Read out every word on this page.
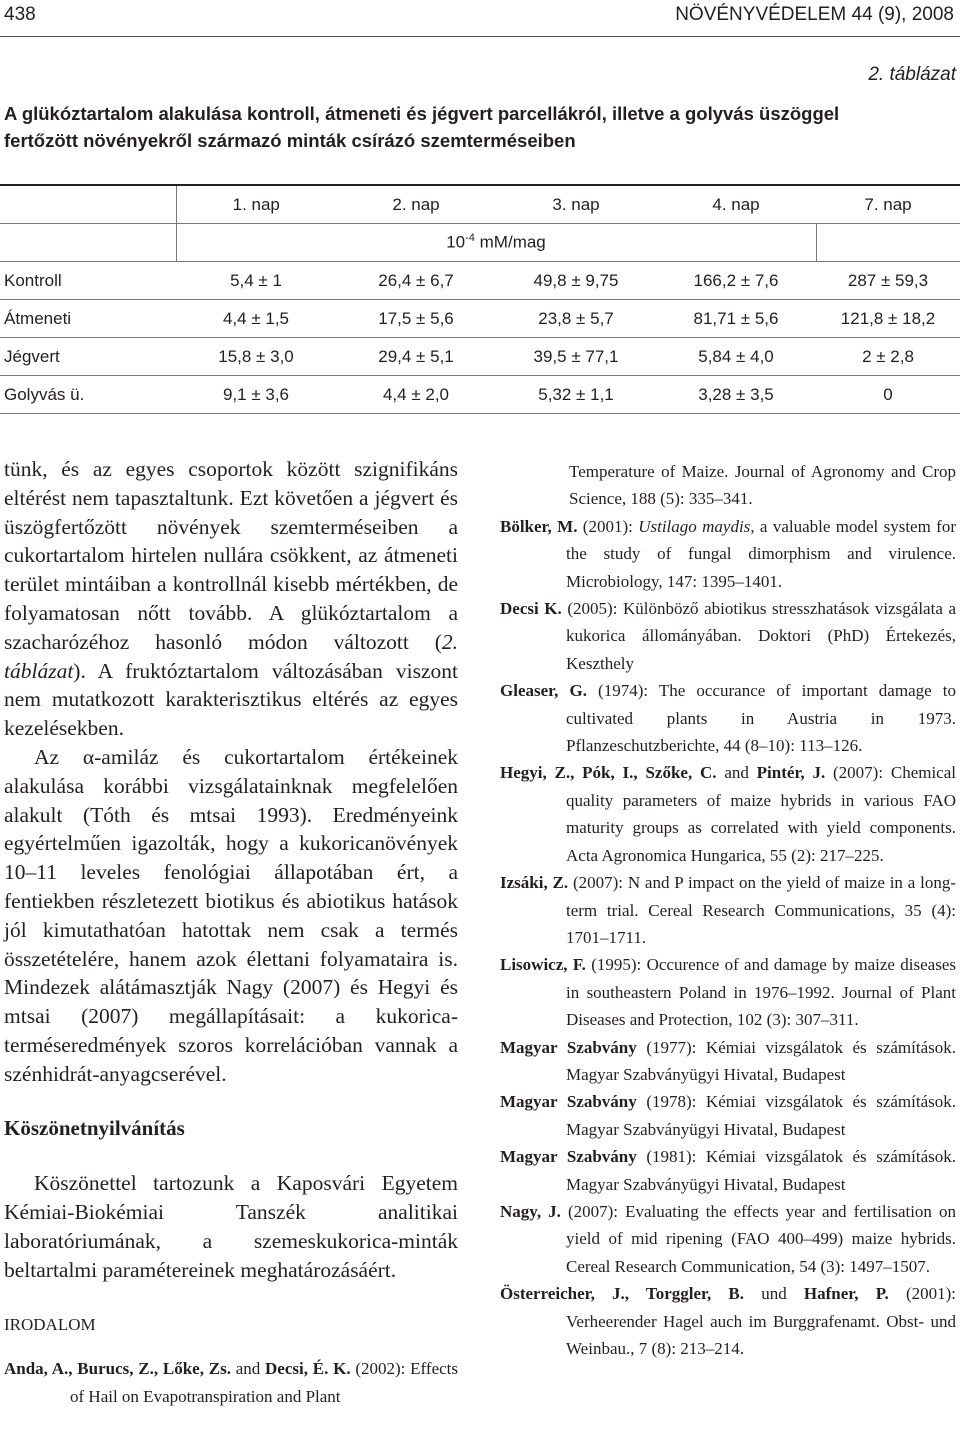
438	NÖVÉNYVÉDELEM 44 (9), 2008
2. táblázat
A glükóztartalom alakulása kontroll, átmeneti és jégvert parcellákról, illetve a golyvás üszöggel fertőzött növényekről származó minták csírázó szemterméseiben
	1. nap	2. nap	3. nap	4. nap	7. nap
	$10^{-4}$ mM/mag				
Kontroll	5,4 ± 1	26,4 ± 6,7	49,8 ± 9,75	166,2 ± 7,6	287 ± 59,3
Átmeneti	4,4 ± 1,5	17,5 ± 5,6	23,8 ± 5,7	81,71 ± 5,6	121,8 ± 18,2
Jégvert	15,8 ± 3,0	29,4 ± 5,1	39,5 ± 77,1	5,84 ± 4,0	2 ± 2,8
Golyvás ü.	9,1 ± 3,6	4,4 ± 2,0	5,32 ± 1,1	3,28 ± 3,5	0

tünk, és az egyes csoportok között szignifikáns eltérést nem tapasztaltunk. Ezt követően a jégvert és üszögfertőzött növények szemterméseiben a cukortartalom hirtelen nullára csökkent, az átmeneti terület mintáiban a kontrollnál kisebb mértékben, de folyamatosan nőtt tovább. A glükóztartalom a szacharózéhoz hasonló módon változott (2. táblázat). A fruktóztartalom változásában viszont nem mutatkozott karakterisztikus eltérés az egyes kezelésekben.

Az α-amiláz és cukortartalom értékeinek alakulása korábbi vizsgálatainknak megfelelően alakult (Tóth és mtsai 1993). Eredményeink egyértelműen igazolták, hogy a kukoricanövények 10–11 leveles fenológiai állapotában ért, a fentiekben részletezett biotikus és abiotikus hatások jól kimutathatóan hatottak nem csak a termés összetételére, hanem azok élettani folyamataira is. Mindezek alátámasztják Nagy (2007) és Hegyi és mtsai (2007) megállapításait: a kukorica-terméseredmények szoros korrelációban vannak a szénhidrát-anyagcserével.

Köszönetnyilvánítás

Köszönettel tartozunk a Kaposvári Egyetem Kémiai-Biokémiai Tanszék analitikai laboratóriumának, a szemeskukorica-minták beltartalmi paramétereinek meghatározásáért.

IRODALOM

Anda, A., Burucs, Z., Lőke, Zs. and Decsi, É. K. (2002): Effects of Hail on Evapotranspiration and Plant
Temperature of Maize. Journal of Agronomy and Crop Science, 188 (5): 335–341.
Bölker, M. (2001): Ustilago maydis, a valuable model system for the study of fungal dimorphism and virulence. Microbiology, 147: 1395–1401.
Decsi K. (2005): Különböző abiotikus stresszhatások vizsgálata a kukorica állományában. Doktori (PhD) Értekezés, Keszthely
Gleaser, G. (1974): The occurance of important damage to cultivated plants in Austria in 1973. Pflanzeschutzberichte, 44 (8–10): 113–126.
Hegyi, Z., Pók, I., Szőke, C. and Pintér, J. (2007): Chemical quality parameters of maize hybrids in various FAO maturity groups as correlated with yield components. Acta Agronomica Hungarica, 55 (2): 217–225.
Izsáki, Z. (2007): N and P impact on the yield of maize in a long-term trial. Cereal Research Communications, 35 (4): 1701–1711.
Lisowicz, F. (1995): Occurence of and damage by maize diseases in southeastern Poland in 1976–1992. Journal of Plant Diseases and Protection, 102 (3): 307–311.
Magyar Szabvány (1977): Kémiai vizsgálatok és számítások. Magyar Szabványügyi Hivatal, Budapest
Magyar Szabvány (1978): Kémiai vizsgálatok és számítások. Magyar Szabványügyi Hivatal, Budapest
Magyar Szabvány (1981): Kémiai vizsgálatok és számítások. Magyar Szabványügyi Hivatal, Budapest
Nagy, J. (2007): Evaluating the effects year and fertilisation on yield of mid ripening (FAO 400–499) maize hybrids. Cereal Research Communication, 54 (3): 1497–1507.
Österreicher, J., Torggler, B. und Hafner, P. (2001): Verheerender Hagel auch im Burggrafenamt. Obst- und Weinbau., 7 (8): 213–214.
